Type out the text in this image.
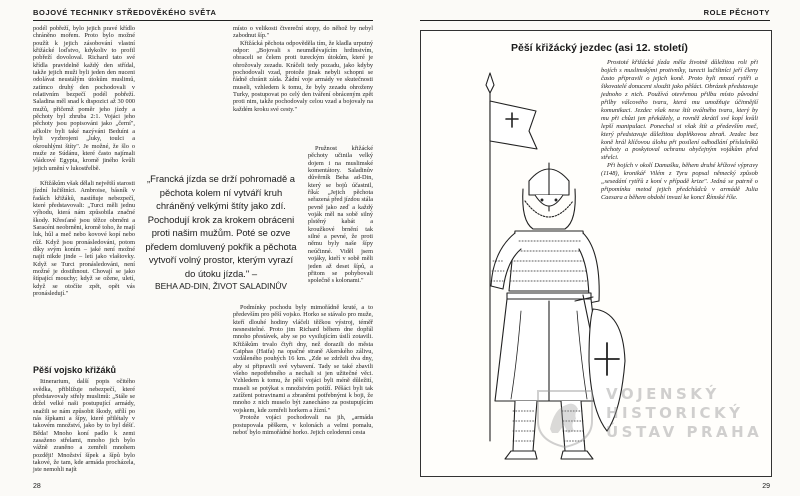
BOJOVÉ TECHNIKY STŘEDOVĚKÉHO SVĚTA

podél pobřeží, bylo jejich pravé křídlo chráněno mořem. Proto bylo možné použít k jejich zásobování vlastní křižácké loďstvo, kdykoliv to profil pobřeží dovoloval. Richard tato své křídla pravidelně každý den střídal, takže jejich muži byli jeden den nuceni odolávat neustálým útokům muslimů, zatímco druhý den pochodovali v relativním bezpečí podél pobřeží. Saladina měl snad k dispozici až 30 000 mužů, přičemž poměr jeho jízdy a pěchoty byl zhruba 2:1. Vojáci jeho pěchoty jsou popisováni jako „černí", ačkoliv byli také nazýváni Beduíni a byli vyzbrojeni „luky, toulci a okrouhlými štíty". Je možné, že šlo o muže ze Súdánu, které často najímali vládcové Egypta, kromě jiného kvůli jejich umění v lukostřelbě.

Křižákům však dělali největší starosti jízdní lučištníci. Ambroise, básník v řadách křižáků, nastíňuje nebezpečí, které představovali: „Turci měli jednu výhodu, která nám způsobila značné škody. Křesťané jsou těžce obrněni a Saracéni neobrněni, kromě toho, že mají luk, hůl a meč nebo kovové kopí nebo růž. Když jsou pronásledováni, potom díky svým koním – jaké není možné najít nikde jinde – letí jako vlaštovky. Když se Turci pronásledováni, není možné je dostihnout. Chovají se jako štípající mouchy; když se ožene, uletí, když se otočíte zpět, opět vás pronásledují."

Pěší vojsko křižáků

Itinerarium, další popis očitého svědka, přibližuje nebezpečí, které představovaly střely muslimů: „Stále se držel velké naši postupující armády, snažili se nám způsobit škody, střílí po nás šípkami a šípy, které přilétaly v takovém množství, jako by to byl déšť. Běda! Mnoho koní padlo k zemi zasaženo střelami, mnoho jich bylo vážně zraněno a zemřeli mnohem později! Množství šípek a šípů bylo takové, že tam, kde armáda procházela, jste nemohli najít

místo o velikosti čtvereční stopy, do něhož by nebyl zabodnut šíp."

Křižácká pěchota odpověděla tím, že kladla urputný odpor: „Bojovali s neumdlévajícím hrdinstvím, obraceli se čelem proti tureckým útokům, které je ohrožovaly zezadu. Kráčeli tedy pozadu, jako kdyby pochodovali vzad, protože jinak nebyli schopni se řádně chránit záda. Žádní voje armády ve skutečnosti museli, vzhledem k tomu, že byly zezadu ohroženy Turky, postupovat po celý den tváření obráceným zpět proti nim, takže pochodovaly celou vzad a bojovaly na každém kroku své cesty."

Pružnost křižácké pěchoty učinila velký dojem i na muslimské komentátory. Saladinův důvěrník Beha ad-Din, který se bojů účastnil, říká: „Jejich pěchota seřazená před jízdou stála pevně jako zeď a každý voják měl na sobě silný plstěný kabát a kroužkové brnění tak silné a pevné, že proti němu byly naše šípy neúčinné. Viděl jsem vojáky, kteří v sobě měli jeden až deset šípů, a přitom se pohybovali společně s kolonami."

Podmínky pochodu byly mimořádně kruté, a to především pro pěší vojsko. Horko se stávalo pro muže, kteří dlouhé hodiny vláčeli těžkou výstroj, téměř nesnesitelné. Proto jim Richard během dne dopřál mnoho přestávek, aby se po vysilujícím úsilí zotavili. Křižákům trvalo čtyři dny, než dorazili do města Caiphas (Haifa) na opačné straně Akerského zálivu, vzdáleného pouhých 16 km. „Zde se zdrželi dva dny, aby si připravili své vybavení. Tady se také zbavili všeho nepotřebného a nechali si jen užitečné věci. Vzhledem k tomu, že pěší vojáci byli méně důležití, museli se potýkat s množstvím potíží. Pěšáci byli tak zatíženi potravinami a zbraněmi potřebnými k boji, že mnoho z nich muselo být zanecháno za postupujícím vojskem, kde zemřeli horkem a žízní."

Protože vojáci pochodovali na jih, „armáda postupovala pěškem, v kolonách a velmi pomalu, neboť bylo mimořádné horko. Jejich celodenní cesta

„Francká jízda se drží pohromadě a pěchota kolem ní vytváří kruh chráněný velkými štíty jako zdí. Pochodují krok za krokem obráceni proti našim mužům. Poté se ozve předem domluvený pokřik a pěchota vytvoří volný prostor, kterým vyrazí do útoku jízda." –
BEHA AD-DIN, ŽIVOT SALADINŮV
28
ROLE PĚCHOTY
Pěší křižácký jezdec (asi 12. století)

Prostoté křižácká jízda měla životně důležitou roli při bojích s muslimskými protivníky, turecti lučištníci jeří členy často připravili o jejich koně. Proto byli mnozí rytíři a šikovatelé donuceni sloužit jako pěšáci. Obrázek představuje jednoho z nich. Používá otevřenou přilbu místo původní přilby válcového tvaru, která mu umožňuje účinnější komunikaci. Jezdec však nese štít oválného tvaru, který by mu při chůzi jen překážely, a rovněž zkrátil své kopí kvůli lepší manipulaci. Ponechal si však štít a především meč, který představuje důležitou doplňkovou zbraň. Jezdec bez koně hrál klíčovou úlohu při posílení odhodlání příslušníků pěchoty a poskytoval ochranu obyčejným vojákům před střelci.

Při bojích v okolí Damašku, během druhé křížové výpravy (1148), kronikář Vilém z Tyru popsal německý způsob „sesedání rytířů z koní v případě krize". Jedná se patrně o připomínku metod jejich předchůdců v armádě Julia Caesara a během období invazí ke konci Římské říše.

VOJENSKÝ
HISTORICKÝ
ÚSTAV PRAHA
29
